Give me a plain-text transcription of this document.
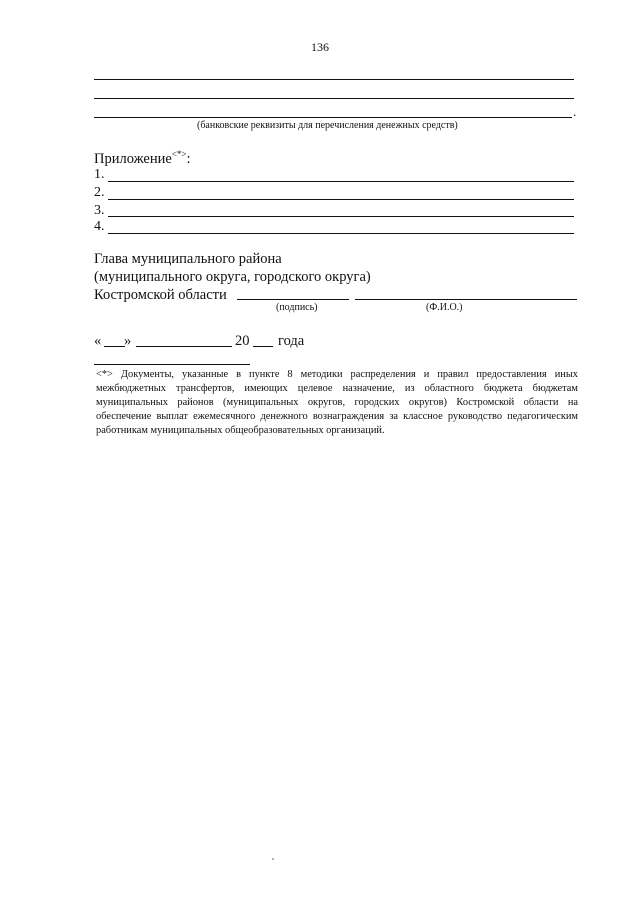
136
.
(банковские реквизиты для перечисления денежных средств)
Приложение<*>:
1.
2.
3.
4.
Глава муниципального района
(муниципального округа, городского округа)
Костромской области
(подпись)	(Ф.И.О.)
« »	20 года
<*> Документы, указанные в пункте 8 методики распределения и правил предоставления иных межбюджетных трансфертов, имеющих целевое назначение, из областного бюджета бюджетам муниципальных районов (муниципальных округов, городских округов) Костромской области на обеспечение выплат ежемесячного денежного вознаграждения за классное руководство педагогическим работникам муниципальных общеобразовательных организаций.
